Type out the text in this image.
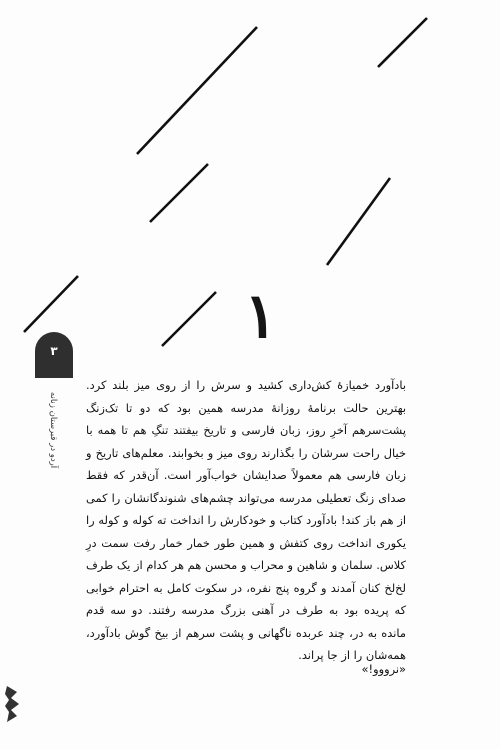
۱
۳
آردو در قبرستان زنانه

بادآورد خمیازهٔ کش‌داری کشید و سرش را از روی میز بلند کرد. بهترین حالت برنامهٔ روزانهٔ مدرسه همین بود که دو تا تک‌زنگ پشت‌سرهم آخرِ روز، زبان فارسی و تاریخ بیفتند تنگِ هم تا همه با خیال راحت سرشان را بگذارند روی میز و بخوابند. معلم‌های تاریخ و زبان فارسی هم معمولاً صدایشان خواب‌آور است. آن‌قدر که فقط صدای زنگ تعطیلی مدرسه می‌تواند چشم‌های شنوندگانشان را کمی از هم باز کند! بادآورد کتاب و خودکارش را انداخت ته کوله و کوله را یکوری انداخت روی کتفش و همین طور خمار خمار رفت سمت درِ کلاس. سلمان و شاهین و محراب و محسن هم هر کدام از یک طرف لخ‌لخ کنان آمدند و گروه پنج نفره، در سکوت کامل به احترام خوابی که پریده بود به طرف در آهنی بزرگ مدرسه رفتند. دو سه قدم مانده به در، چند عربده ناگهانی و پشت سرهم از بیخ گوش بادآورد، همه‌شان را از جا پراند.

«نرووو!»
